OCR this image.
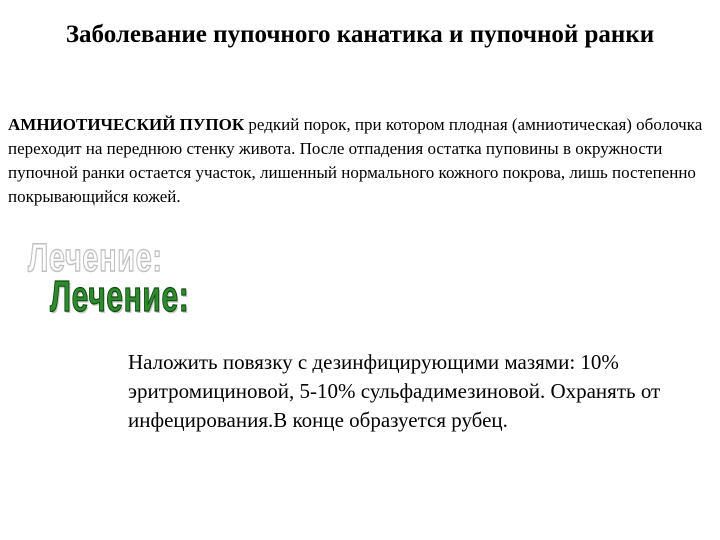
Заболевание пупочного канатика и пупочной ранки

АМНИОТИЧЕСКИЙ ПУПОК редкий порок, при котором плодная (амниотическая) оболочка переходит на переднюю стенку живота. После отпадения остатка пуповины в окружности пупочной ранки остается участок, лишенный нормального кожного покрова, лишь постепенно покрывающийся кожей.

Лечение:
Лечение:

Наложить повязку с дезинфицирующими мазями: 10% эритромициновой, 5-10% сульфадимезиновой. Охранять от инфецирования.В конце образуется рубец.
